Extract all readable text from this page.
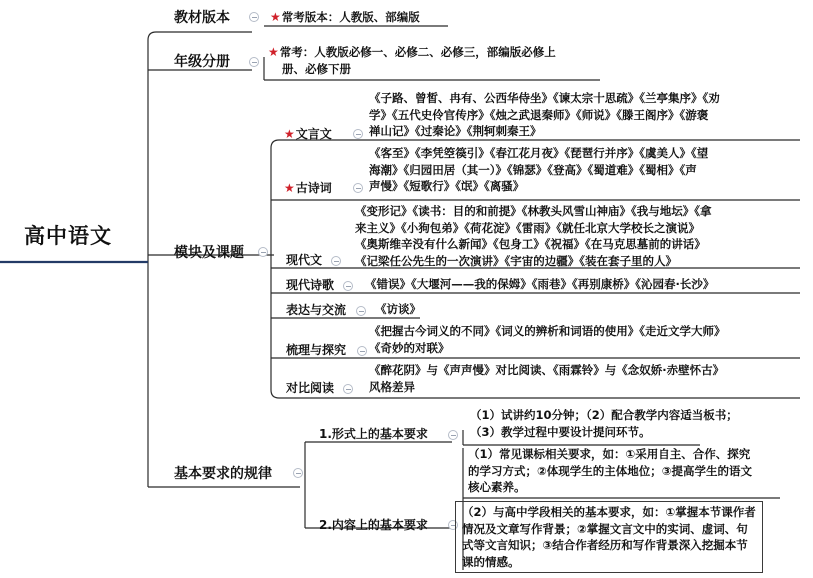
高中语文
教材版本	★常考版本：人教版、部编版
年级分册
★常考：人教版必修一、必修二、必修三，部编版必修上
册、必修下册
模块及课题
★文言文
《子路、曾皙、冉有、公西华侍坐》《谏太宗十思疏》《兰亭集序》《劝
学》《五代史伶官传序》《烛之武退秦师》《师说》《滕王阁序》《游褒
禅山记》《过秦论》《荆轲刺秦王》
★古诗词
《客至》《李凭箜篌引》《春江花月夜》《琵琶行并序》《虞美人》《望
海潮》《归园田居（其一）》《锦瑟》《登高》《蜀道难》《蜀相》《声
声慢》《短歌行》《氓》《离骚》
现代文
《变形记》《读书：目的和前提》《林教头风雪山神庙》《我与地坛》《拿
来主义》《小狗包弟》《荷花淀》《雷雨》《就任北京大学校长之演说》
《奥斯维辛没有什么新闻》《包身工》《祝福》《在马克思墓前的讲话》
《记梁任公先生的一次演讲》《宇宙的边疆》《装在套子里的人》
现代诗歌	《错误》《大堰河——我的保姆》《雨巷》《再别康桥》《沁园春·长沙》
表达与交流	《访谈》
梳理与探究
《把握古今词义的不同》《词义的辨析和词语的使用》《走近文学大师》
《奇妙的对联》
对比阅读
《醉花阴》与《声声慢》对比阅读、《雨霖铃》与《念奴娇·赤壁怀古》
风格差异
基本要求的规律
1.形式上的基本要求
（1）试讲约10分钟；（2）配合教学内容适当板书；
（3）教学过程中要设计提问环节。
2.内容上的基本要求
（1）常见课标相关要求，如：①采用自主、合作、探究
的学习方式；②体现学生的主体地位；③提高学生的语文
核心素养。
（2）与高中学段相关的基本要求，如：①掌握本节课作者
情况及文章写作背景；②掌握文言文中的实词、虚词、句
式等文言知识；③结合作者经历和写作背景深入挖掘本节
课的情感。
